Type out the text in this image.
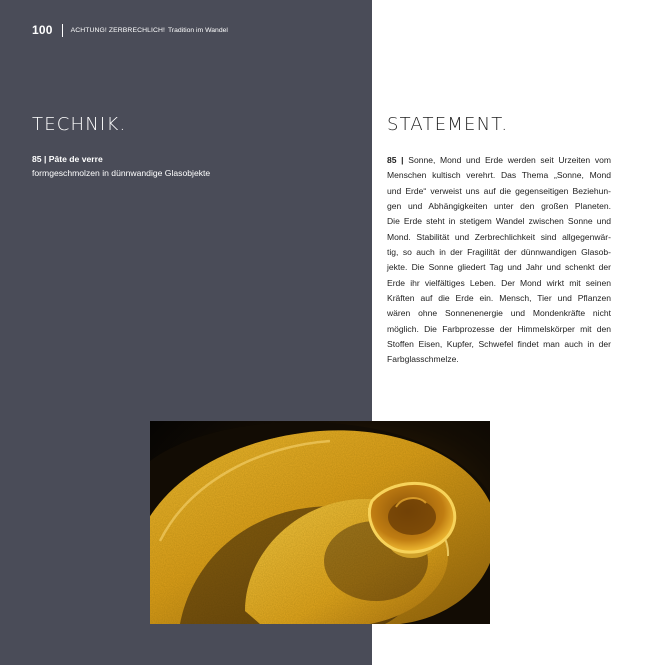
100	ACHTUNG! ZERBRECHLICH! Tradition im Wandel
TECHNIK.	STATEMENT.
85 | Pâte de verre
formgeschmolzen in dünnwandige Glasobjekte
85 | Sonne, Mond und Erde werden seit Urzeiten vom
Menschen kultisch verehrt. Das Thema „Sonne, Mond
und Erde“ verweist uns auf die gegenseitigen Beziehun-
gen und Abhängigkeiten unter den großen Planeten.
Die Erde steht in stetigem Wandel zwischen Sonne und
Mond. Stabilität und Zerbrechlichkeit sind allgegenwär-
tig, so auch in der Fragilität der dünnwandigen Glasob-
jekte. Die Sonne gliedert Tag und Jahr und schenkt der
Erde ihr vielfältiges Leben. Der Mond wirkt mit seinen
Kräften auf die Erde ein. Mensch, Tier und Pflanzen
wären ohne Sonnenenergie und Mondenkräfte nicht
möglich. Die Farbprozesse der Himmelskörper mit den
Stoffen Eisen, Kupfer, Schwefel findet man auch in der
Farbglasschmelze.
